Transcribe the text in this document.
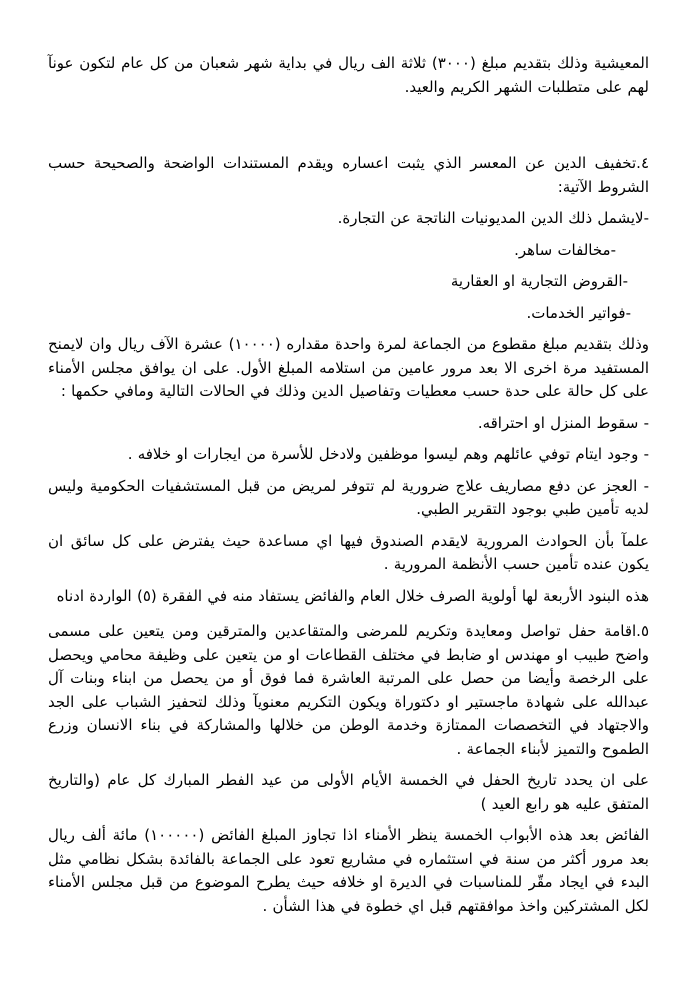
المعيشية وذلك بتقديم مبلغ (٣٠٠٠) ثلاثة الف ريال في بداية شهر شعبان من كل عام لتكون عونآ لهم على متطلبات الشهر الكريم والعيد.

٤.تخفيف الدين عن المعسر الذي يثبت اعساره ويقدم المستندات الواضحة والصحيحة حسب الشروط الآتية:

-لايشمل ذلك الدين المديونيات الناتجة عن التجارة.

-مخالفات ساهر.

-القروض التجارية او العقارية

-فواتير الخدمات.

وذلك بتقديم مبلغ مقطوع من الجماعة لمرة واحدة مقداره (١٠٠٠٠) عشرة الآف ريال وان لايمنح المستفيد مرة اخرى الا بعد مرور عامين من استلامه المبلغ الأول. على ان يوافق مجلس الأمناء على كل حالة على حدة حسب معطيات وتفاصيل الدين وذلك في الحالات التالية ومافي حكمها :

- سقوط المنزل او احتراقه.

- وجود ايتام توفي عائلهم وهم ليسوا موظفين ولادخل للأسرة من ايجارات او خلافه .

- العجز عن دفع مصاريف علاج ضرورية لم تتوفر لمريض من قبل المستشفيات الحكومية وليس لديه تأمين طبي بوجود التقرير الطبي.

علمآ بأن الحوادث المرورية لايقدم الصندوق فيها اي مساعدة حيث يفترض على كل سائق ان يكون عنده تأمين حسب الأنظمة المرورية .

هذه البنود الأربعة لها أولوية الصرف خلال العام والفائض يستفاد منه في الفقرة (٥) الواردة ادناه

٥.اقامة حفل تواصل ومعايدة وتكريم للمرضى والمتقاعدين والمترقين ومن يتعين على مسمى واضح طبيب او مهندس او ضابط في مختلف القطاعات او من يتعين على وظيفة محامي ويحصل على الرخصة وأيضا من حصل على المرتبة العاشرة فما فوق أو من يحصل من ابناء وبنات آل عبدالله على شهادة ماجستير او دكتوراة ويكون التكريم معنويآ وذلك لتحفيز الشباب على الجد والاجتهاد في التخصصات الممتازة وخدمة الوطن من خلالها والمشاركة في بناء الانسان وزرع الطموح والتميز لأبناء الجماعة .

على ان يحدد تاريخ الحفل في الخمسة الأيام الأولى من عيد الفطر المبارك كل عام (والتاريخ المتفق عليه هو رابع العيد )

الفائض بعد هذه الأبواب الخمسة ينظر الأمناء اذا تجاوز المبلغ الفائض (١٠٠٠٠٠) مائة ألف ريال بعد مرور أكثر من سنة في استثماره في مشاريع تعود على الجماعة بالفائدة بشكل نظامي مثل البدء في ايجاد مقّر للمناسبات في الديرة او خلافه حيث يطرح الموضوع من قبل مجلس الأمناء لكل المشتركين واخذ موافقتهم قبل اي خطوة في هذا الشأن .
